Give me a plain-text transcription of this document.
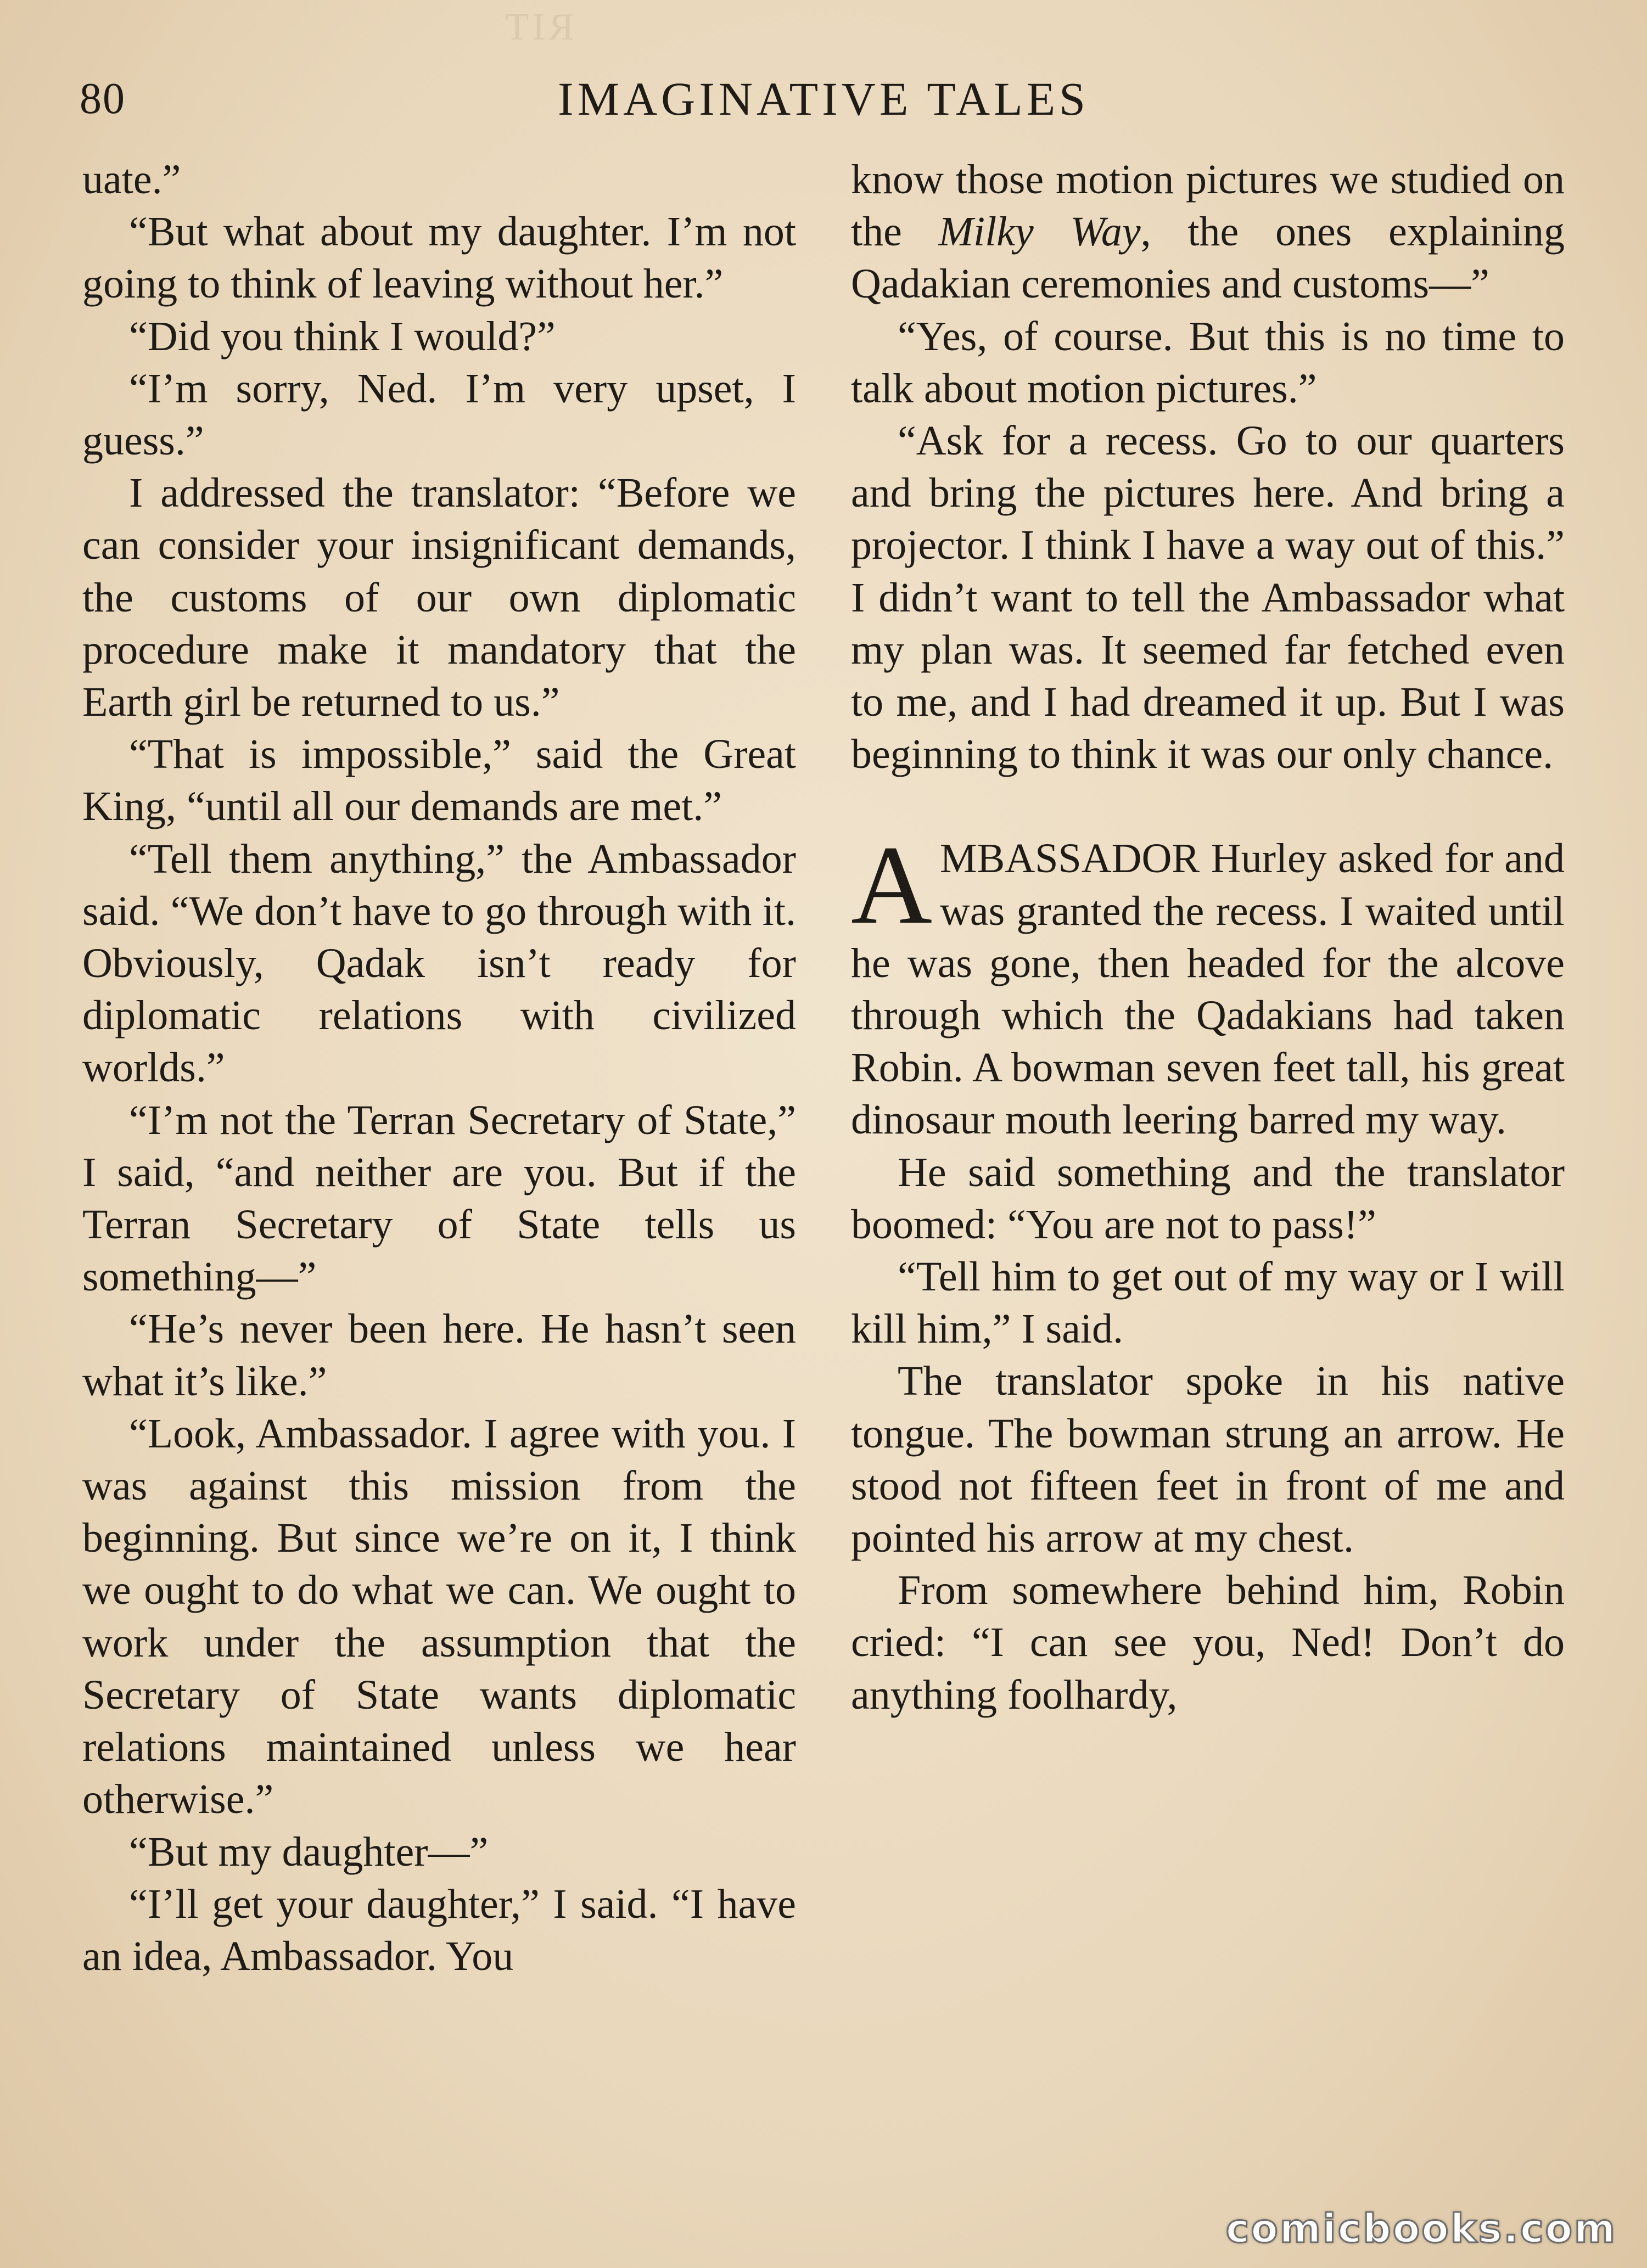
RIT
80	IMAGINATIVE TALES

uate.”

“But what about my daughter. I’m not going to think of leaving without her.”

“Did you think I would?”

“I’m sorry, Ned. I’m very upset, I guess.”

I addressed the translator: “Before we can consider your insignificant demands, the customs of our own diplomatic procedure make it mandatory that the Earth girl be returned to us.”

“That is impossible,” said the Great King, “until all our demands are met.”

“Tell them anything,” the Ambassador said. “We don’t have to go through with it. Obviously, Qadak isn’t ready for diplomatic relations with civilized worlds.”

“I’m not the Terran Secretary of State,” I said, “and neither are you. But if the Terran Secretary of State tells us something—”

“He’s never been here. He hasn’t seen what it’s like.”

“Look, Ambassador. I agree with you. I was against this mission from the beginning. But since we’re on it, I think we ought to do what we can. We ought to work under the assumption that the Secretary of State wants diplomatic relations maintained unless we hear otherwise.”

“But my daughter—”

“I’ll get your daughter,” I said. “I have an idea, Ambassador. You

know those motion pictures we studied on the Milky Way, the ones explaining Qadakian ceremonies and customs—”

“Yes, of course. But this is no time to talk about motion pictures.”

“Ask for a recess. Go to our quarters and bring the pictures here. And bring a projector. I think I have a way out of this.” I didn’t want to tell the Ambassador what my plan was. It seemed far fetched even to me, and I had dreamed it up. But I was beginning to think it was our only chance.

AMBASSADOR Hurley asked for and was granted the recess. I waited until he was gone, then headed for the alcove through which the Qadakians had taken Robin. A bowman seven feet tall, his great dinosaur mouth leering barred my way.

He said something and the translator boomed: “You are not to pass!”

“Tell him to get out of my way or I will kill him,” I said.

The translator spoke in his native tongue. The bowman strung an arrow. He stood not fifteen feet in front of me and pointed his arrow at my chest.

From somewhere behind him, Robin cried: “I can see you, Ned! Don’t do anything foolhardy,

comicbooks.com
